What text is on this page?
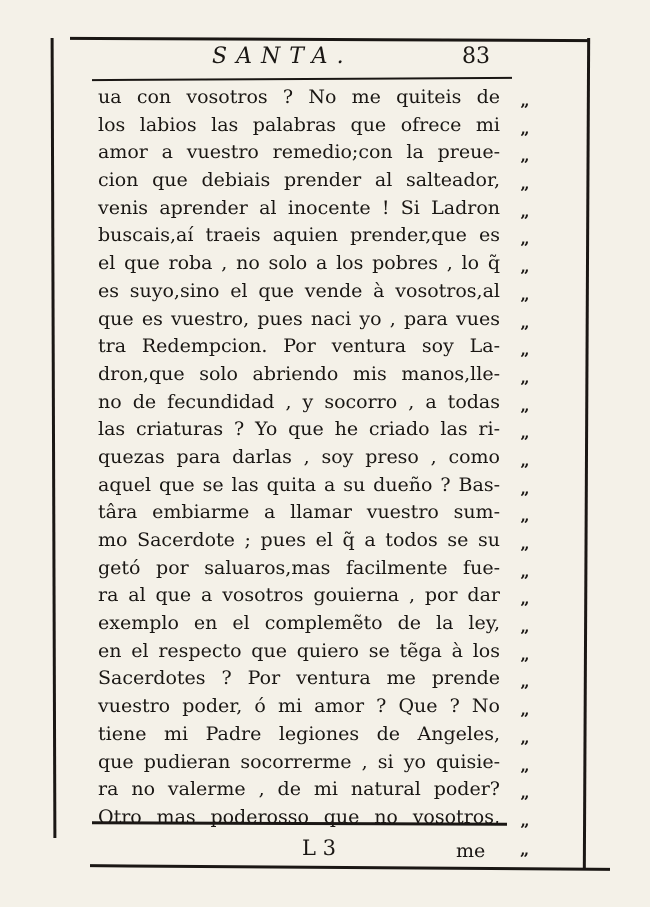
SANTA.	83
ua con vosotros ? No me quiteis de
los labios las palabras que ofrece mi
amor a vuestro remedio;con la preue-
cion que debiais prender al salteador,
venis aprender al inocente ! Si Ladron
buscais,aí traeis aquien prender,que es
el que roba , no solo a los pobres , lo q̃
es suyo,sino el que vende à vosotros,al
que es vuestro, pues naci yo , para vues
tra Redempcion. Por ventura soy La-
dron,que solo abriendo mis manos,lle-
no de fecundidad , y socorro , a todas
las criaturas ? Yo que he criado las ri-
quezas para darlas , soy preso , como
aquel que se las quita a su dueño ? Bas-
târa embiarme a llamar vuestro sum-
mo Sacerdote ; pues el q̃ a todos se su
getó por saluaros,mas facilmente fue-
ra al que a vosotros gouierna , por dar
exemplo en el complemẽto de la ley,
en el respecto que quiero se tẽga à los
Sacerdotes ? Por ventura me prende
vuestro poder, ó mi amor ? Que ? No
tiene mi Padre legiones de Angeles,
que pudieran socorrerme , si yo quisie-
ra no valerme , de mi natural poder?
Otro mas poderosso que no vosotros,
„
„
„
„
„
„
„
„
„
„
„
„
„
„
„
„
„
„
„
„
„
„
„
„
„
„
„
L 3	me „
